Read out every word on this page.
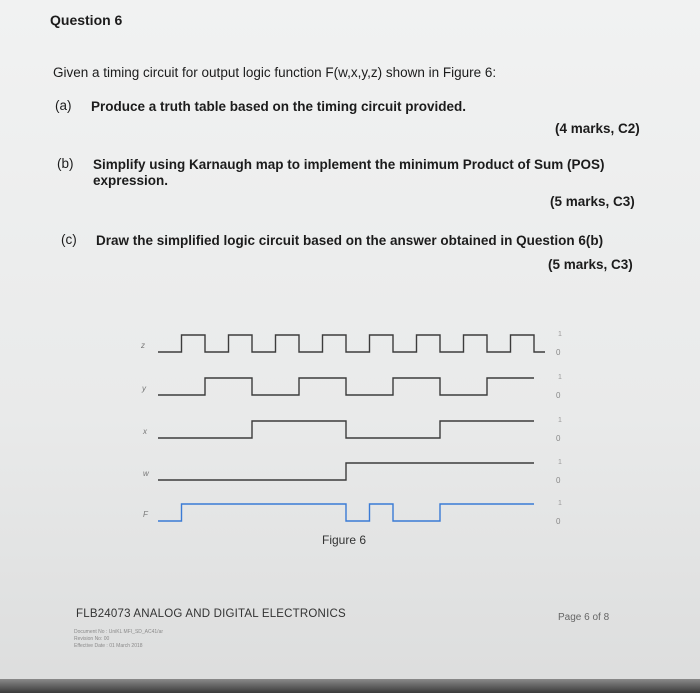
Question 6
Given a timing circuit for output logic function F(w,x,y,z) shown in Figure 6:
(a) Produce a truth table based on the timing circuit provided.
(4 marks, C2)
(b) Simplify using Karnaugh map to implement the minimum Product of Sum (POS)
expression.
(5 marks, C3)
(c) Draw the simplified logic circuit based on the answer obtained in Question 6(b)
(5 marks, C3)
z
1
0
y
1
0
x
1
0
w
1
0
F
1
0
Figure 6
FLB24073 ANALOG AND DIGITAL ELECTRONICS	Page 6 of 8
Document No : UniKL MFI_SD_AC41/ar
Revision No: 00
Effective Date : 01 March 2018
